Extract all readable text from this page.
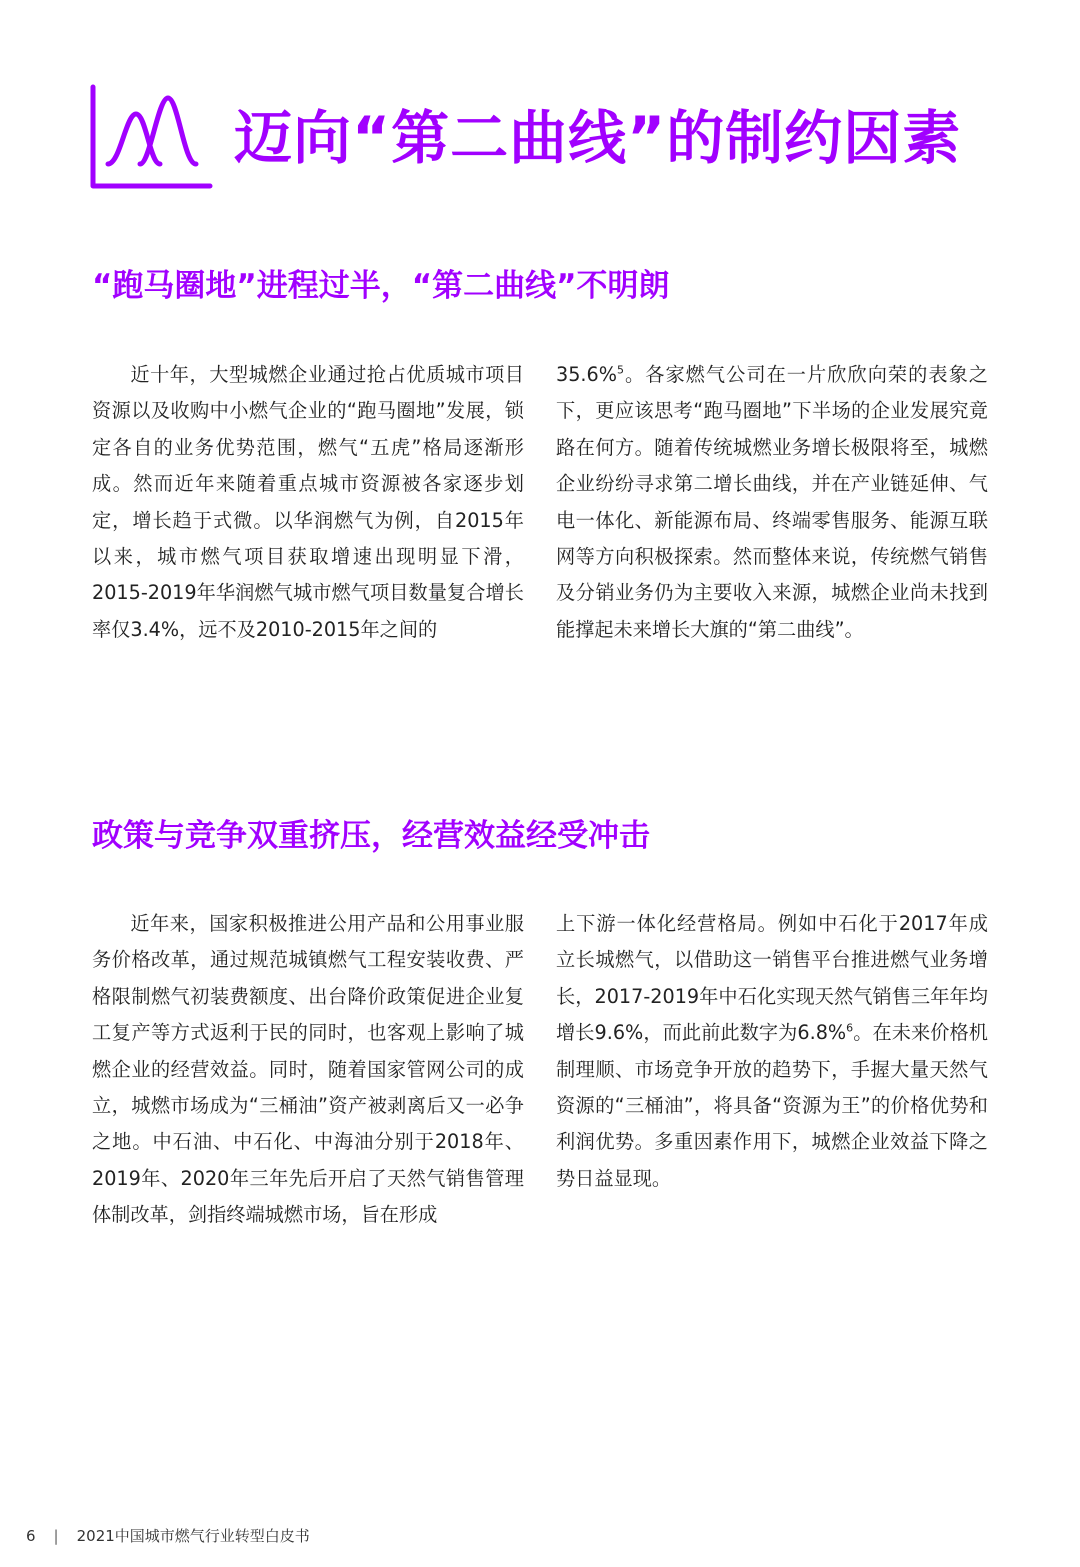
迈向“第二曲线”的制约因素
“跑马圈地”进程过半，“第二曲线”不明朗

近十年，大型城燃企业通过抢占优质城市项目资源以及收购中小燃气企业的“跑马圈地”发展，锁定各自的业务优势范围，燃气“五虎”格局逐渐形成。然而近年来随着重点城市资源被各家逐步划定，增长趋于式微。以华润燃气为例，自2015年以来，城市燃气项目获取增速出现明显下滑，2015-2019年华润燃气城市燃气项目数量复合增长率仅3.4%，远不及2010-2015年之间的

35.6%$^5$。各家燃气公司在一片欣欣向荣的表象之下，更应该思考“跑马圈地”下半场的企业发展究竟路在何方。随着传统城燃业务增长极限将至，城燃企业纷纷寻求第二增长曲线，并在产业链延伸、气电一体化、新能源布局、终端零售服务、能源互联网等方向积极探索。然而整体来说，传统燃气销售及分销业务仍为主要收入来源，城燃企业尚未找到能撑起未来增长大旗的“第二曲线”。

政策与竞争双重挤压，经营效益经受冲击

近年来，国家积极推进公用产品和公用事业服务价格改革，通过规范城镇燃气工程安装收费、严格限制燃气初装费额度、出台降价政策促进企业复工复产等方式返利于民的同时，也客观上影响了城燃企业的经营效益。同时，随着国家管网公司的成立，城燃市场成为“三桶油”资产被剥离后又一必争之地。中石油、中石化、中海油分别于2018年、2019年、2020年三年先后开启了天然气销售管理体制改革，剑指终端城燃市场，旨在形成

上下游一体化经营格局。例如中石化于2017年成立长城燃气，以借助这一销售平台推进燃气业务增长，2017-2019年中石化实现天然气销售三年年均增长9.6%，而此前此数字为6.8%$^6$。在未来价格机制理顺、市场竞争开放的趋势下，手握大量天然气资源的“三桶油”，将具备“资源为王”的价格优势和利润优势。多重因素作用下，城燃企业效益下降之势日益显现。

6 | 2021中国城市燃气行业转型白皮书
